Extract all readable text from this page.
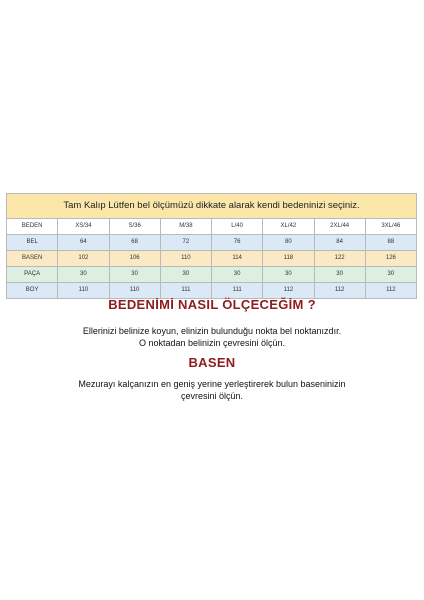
Tam Kalıp Lütfen bel ölçümüzü dikkate alarak kendi bedeninizi seçiniz.							
BEDEN	XS/34	S/36	M/38	L/40	XL/42	2XL/44	3XL/46
BEL	64	68	72	76	80	84	88
BASEN	102	106	110	114	118	122	126
PAÇA	30	30	30	30	30	30	30
BOY	110	110	111	111	112	112	112
BEDENİMİ NASIL ÖLÇECEĞİM ?
Ellerinizi belinize koyun, elinizin bulunduğu nokta bel noktanızdır.
O noktadan belinizin çevresini ölçün.
BASEN
Mezurayı kalçanızın en geniş yerine yerleştirerek bulun baseninizin
çevresini ölçün.
